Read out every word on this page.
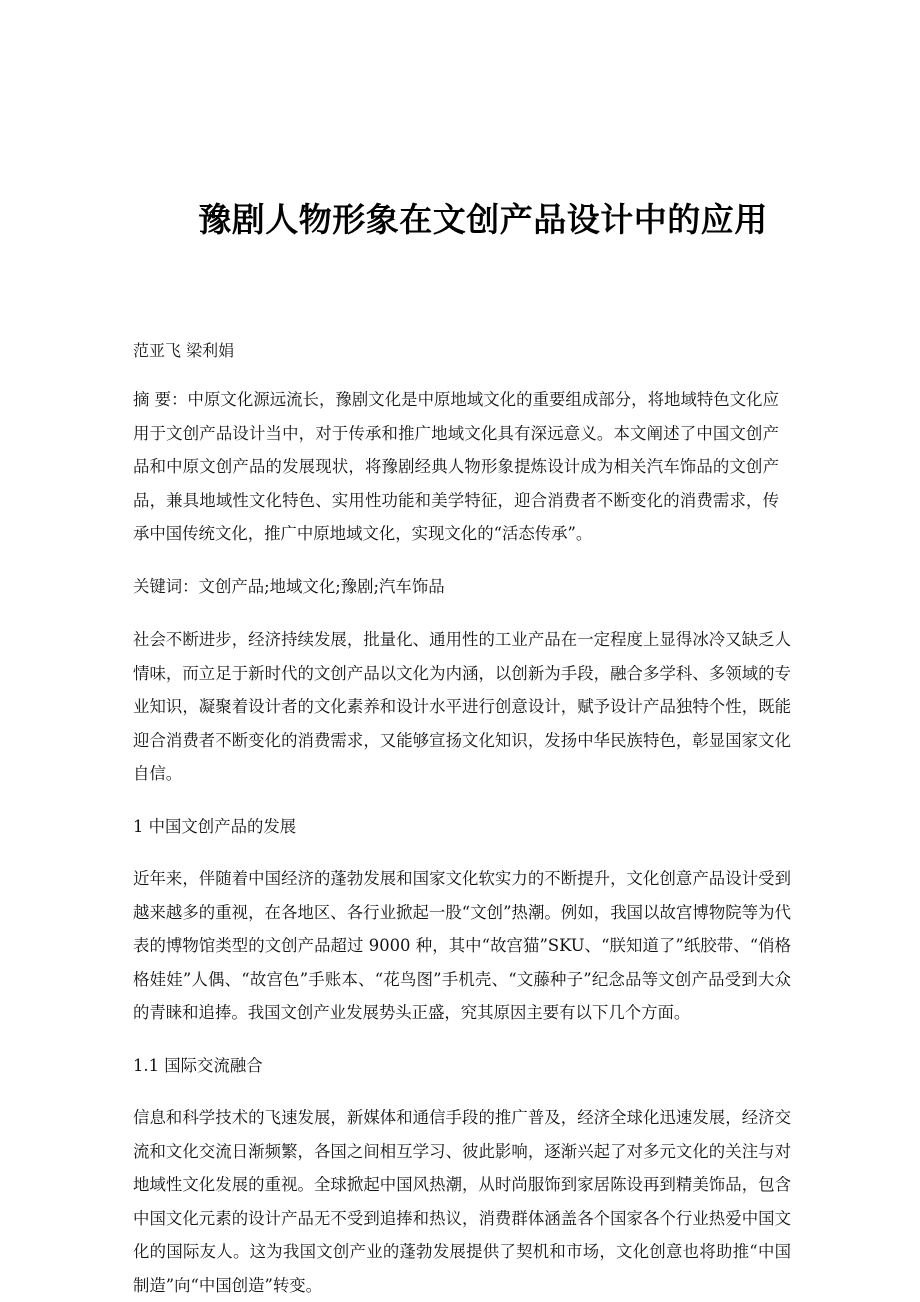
豫剧人物形象在文创产品设计中的应用
范亚飞 梁利娟

摘 要：中原文化源远流长，豫剧文化是中原地域文化的重要组成部分，将地域特色文化应用于文创产品设计当中，对于传承和推广地域文化具有深远意义。本文阐述了中国文创产品和中原文创产品的发展现状，将豫剧经典人物形象提炼设计成为相关汽车饰品的文创产品，兼具地域性文化特色、实用性功能和美学特征，迎合消费者不断变化的消费需求，传承中国传统文化，推广中原地域文化，实现文化的“活态传承”。

关键词：文创产品;地域文化;豫剧;汽车饰品

社会不断进步，经济持续发展，批量化、通用性的工业产品在一定程度上显得冰冷又缺乏人情味，而立足于新时代的文创产品以文化为内涵，以创新为手段，融合多学科、多领域的专业知识，凝聚着设计者的文化素养和设计水平进行创意设计，赋予设计产品独特个性，既能迎合消费者不断变化的消费需求，又能够宣扬文化知识，发扬中华民族特色，彰显国家文化自信。

1 中国文创产品的发展

近年来，伴随着中国经济的蓬勃发展和国家文化软实力的不断提升，文化创意产品设计受到越来越多的重视，在各地区、各行业掀起一股“文创”热潮。例如，我国以故宫博物院等为代表的博物馆类型的文创产品超过 9000 种，其中“故宫猫”SKU、“朕知道了”纸胶带、“俏格格娃娃”人偶、“故宫色”手账本、“花鸟图”手机壳、“文藤种子”纪念品等文创产品受到大众的青睐和追捧。我国文创产业发展势头正盛，究其原因主要有以下几个方面。

1.1 国际交流融合

信息和科学技术的飞速发展，新媒体和通信手段的推广普及，经济全球化迅速发展，经济交流和文化交流日渐频繁，各国之间相互学习、彼此影响，逐渐兴起了对多元文化的关注与对地域性文化发展的重视。全球掀起中国风热潮，从时尚服饰到家居陈设再到精美饰品，包含中国文化元素的设计产品无不受到追捧和热议，消费群体涵盖各个国家各个行业热爱中国文化的国际友人。这为我国文创产业的蓬勃发展提供了契机和市场，文化创意也将助推“中国制造”向“中国创造”转变。
